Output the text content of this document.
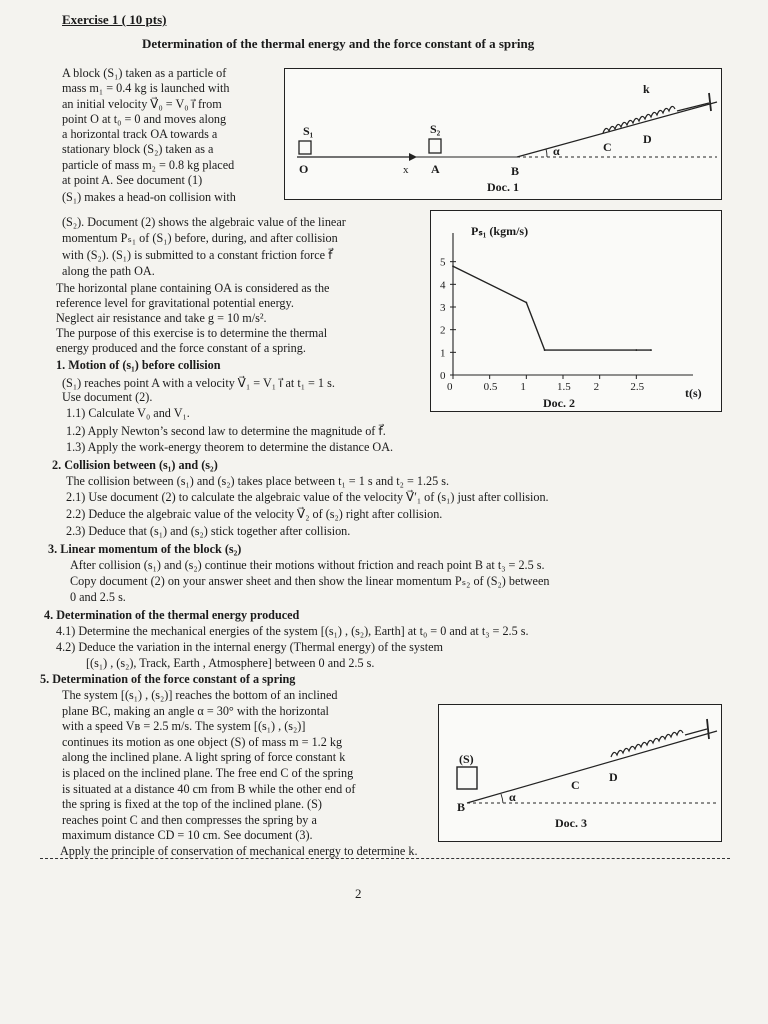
Exercise 1 ( 10 pts)
Determination of the thermal energy and the force constant of a spring
A block (S₁) taken as a particle of
mass m₁ = 0.4 kg is launched with
an initial velocity V⃗₀ = V₀ i⃗ from
point O at t₀ = 0 and moves along
a horizontal track OA towards a
stationary block (S₂) taken as a
particle of mass m₂ = 0.8 kg placed
at point A. See document (1)
(S₁) makes a head-on collision with
(S₂). Document (2) shows the algebraic value of the linear
momentum Pₛ₁ of (S₁) before, during, and after collision
with (S₂). (S₁) is submitted to a constant friction force f⃗
along the path OA.
The horizontal plane containing OA is considered as the
reference level for gravitational potential energy.
Neglect air resistance and take g = 10 m/s².
The purpose of this exercise is to determine the thermal
energy produced and the force constant of a spring.
S₁	S₂
O	x A	B
C
D
k
α
Doc. 1
0	0.5 1	1.5 2	2.5
0
1
2
3
4
5
Pₛ₁ (kgm/s)
t(s)
Doc. 2
1. Motion of (s₁) before collision
(S₁) reaches point A with a velocity V⃗₁ = V₁ i⃗ at t₁ = 1 s.
Use document (2).
1.1) Calculate V₀ and V₁.
1.2) Apply Newton’s second law to determine the magnitude of f⃗.
1.3) Apply the work-energy theorem to determine the distance OA.
2. Collision between (s₁) and (s₂)
The collision between (s₁) and (s₂) takes place between t₁ = 1 s and t₂ = 1.25 s.
2.1) Use document (2) to calculate the algebraic value of the velocity V⃗′₁ of (s₁) just after collision.
2.2) Deduce the algebraic value of the velocity V⃗₂ of (s₂) right after collision.
2.3) Deduce that (s₁) and (s₂) stick together after collision.
3. Linear momentum of the block (s₂)
After collision (s₁) and (s₂) continue their motions without friction and reach point B at t₃ = 2.5 s.
Copy document (2) on your answer sheet and then show the linear momentum Pₛ₂ of (S₂) between
0 and 2.5 s.
4. Determination of the thermal energy produced
4.1) Determine the mechanical energies of the system [(s₁) , (s₂), Earth] at t₀ = 0 and at t₃ = 2.5 s.
4.2) Deduce the variation in the internal energy (Thermal energy) of the system
[(s₁) , (s₂), Track, Earth , Atmosphere] between 0 and 2.5 s.
5. Determination of the force constant of a spring
The system [(s₁) , (s₂)] reaches the bottom of an inclined
plane BC, making an angle α = 30° with the horizontal
with a speed Vʙ = 2.5 m/s. The system [(s₁) , (s₂)]
continues its motion as one object (S) of mass m = 1.2 kg
along the inclined plane. A light spring of force constant k
is placed on the inclined plane. The free end C of the spring
is situated at a distance 40 cm from B while the other end of
the spring is fixed at the top of the inclined plane. (S)
reaches point C and then compresses the spring by a
maximum distance CD = 10 cm. See document (3).
Apply the principle of conservation of mechanical energy to determine k.
(S)
B
C
D
α
Doc. 3
2
